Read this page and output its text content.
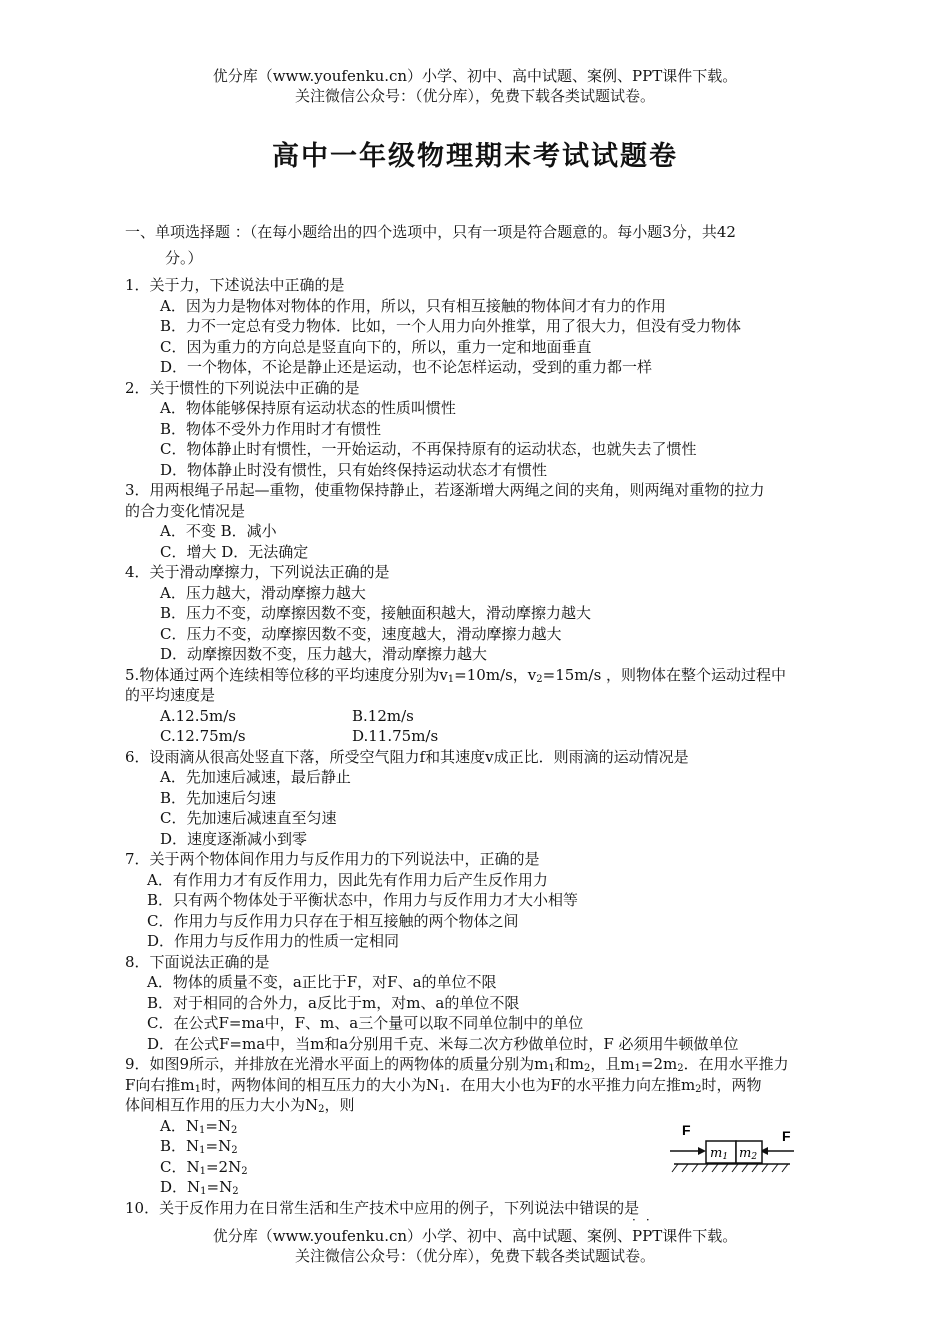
优分库（www.youfenku.cn）小学、初中、高中试题、案例、PPT课件下载。
关注微信公众号：（优分库），免费下载各类试题试卷。
高中一年级物理期末考试试题卷
一、单项选择题 ：（在每小题给出的四个选项中，只有一项是符合题意的。每小题3分，共42
分。）
1．关于力，下述说法中正确的是
A．因为力是物体对物体的作用，所以，只有相互接触的物体间才有力的作用
B．力不一定总有受力物体．比如，一个人用力向外推掌，用了很大力，但没有受力物体
C．因为重力的方向总是竖直向下的，所以，重力一定和地面垂直
D．一个物体，不论是静止还是运动，也不论怎样运动，受到的重力都一样
2．关于惯性的下列说法中正确的是
A．物体能够保持原有运动状态的性质叫惯性
B．物体不受外力作用时才有惯性
C．物体静止时有惯性，一开始运动，不再保持原有的运动状态，也就失去了惯性
D．物体静止时没有惯性，只有始终保持运动状态才有惯性
3．用两根绳子吊起—重物，使重物保持静止，若逐渐增大两绳之间的夹角，则两绳对重物的拉力
的合力变化情况是
A．不变 B．减小
C．增大 D．无法确定
4．关于滑动摩擦力，下列说法正确的是
A．压力越大，滑动摩擦力越大
B．压力不变，动摩擦因数不变，接触面积越大，滑动摩擦力越大
C．压力不变，动摩擦因数不变，速度越大，滑动摩擦力越大
D．动摩擦因数不变，压力越大，滑动摩擦力越大
5.物体通过两个连续相等位移的平均速度分别为$v_1=10m/s$，$v_2=15m/s$ ，则物体在整个运动过程中
的平均速度是
A.12.5m/s	B.12m/s
C.12.75m/s	D.11.75m/s
6．设雨滴从很高处竖直下落，所受空气阻力f和其速度v成正比．则雨滴的运动情况是
A．先加速后减速，最后静止
B．先加速后匀速
C．先加速后减速直至匀速
D．速度逐渐减小到零
7．关于两个物体间作用力与反作用力的下列说法中，正确的是
A．有作用力才有反作用力，因此先有作用力后产生反作用力
B．只有两个物体处于平衡状态中，作用力与反作用力才大小相等
C．作用力与反作用力只存在于相互接触的两个物体之间
D．作用力与反作用力的性质一定相同
8．下面说法正确的是
A．物体的质量不变，a正比于F，对F、a的单位不限
B．对于相同的合外力，a反比于m，对m、a的单位不限
C．在公式F=ma中，F、m、a三个量可以取不同单位制中的单位
D．在公式F=ma中，当m和a分别用千克、米每二次方秒做单位时，F 必须用牛顿做单位
9．如图9所示，并排放在光滑水平面上的两物体的质量分别为$m_1$和$m_2$，且$m_1=2m_2$．在用水平推力
F向右推$m_1$时，两物体间的相互压力的大小为$N_1$．在用大小也为F的水平推力向左推$m_2$时，两物
体间相互作用的压力大小为$N_2$，则
A．$N_1=N_2$
B．$N_1=N_2$
C．$N_1=2N_2$
D．$N_1=N_2$
10．关于反作用力在日常生活和生产技术中应用的例子，下列说法中错误的是
··
F	F
m1 m2
优分库（www.youfenku.cn）小学、初中、高中试题、案例、PPT课件下载。
关注微信公众号：（优分库），免费下载各类试题试卷。
